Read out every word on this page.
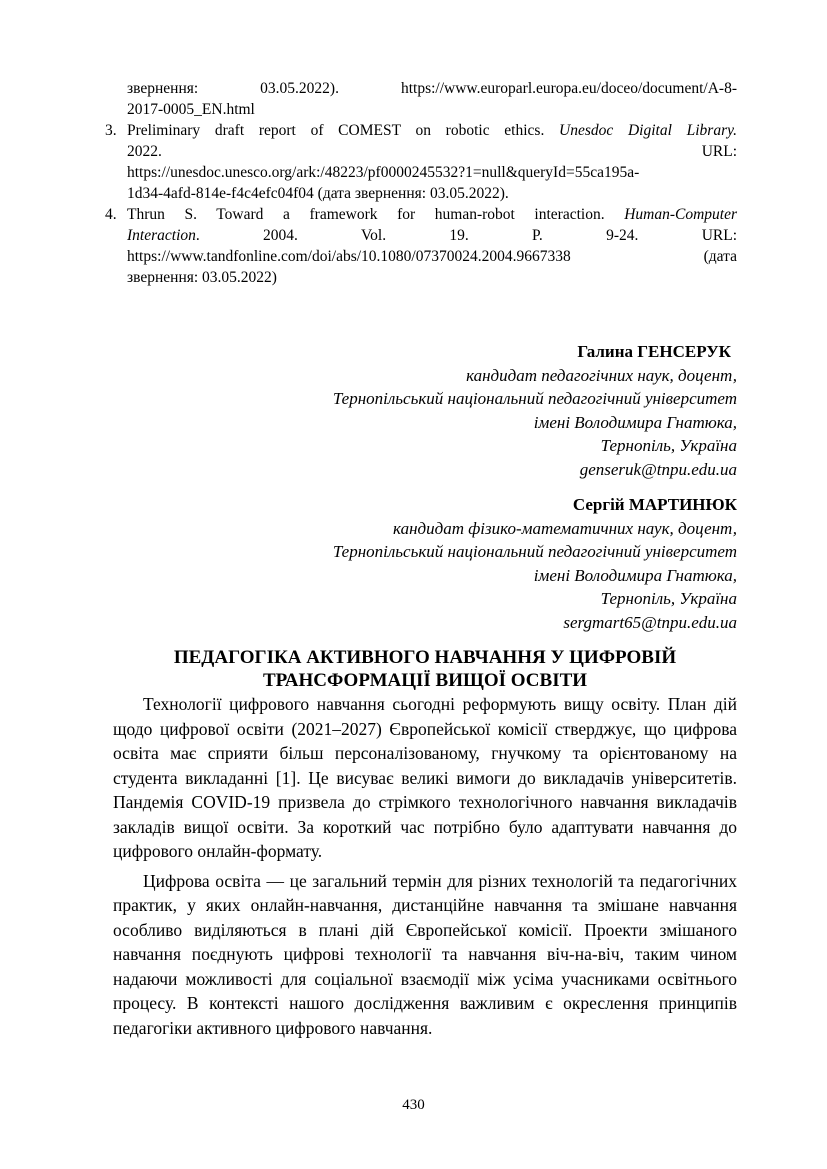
звернення: 03.05.2022). https://www.europarl.europa.eu/doceo/document/A-8-

2017-0005_EN.html

3. Preliminary draft report of COMEST on robotic ethics. Unesdoc Digital Library.

2022. URL:

https://unesdoc.unesco.org/ark:/48223/pf0000245532?1=null&queryId=55ca195a-

1d34-4afd-814e-f4c4efc04f04 (дата звернення: 03.05.2022).

4. Thrun S. Toward a framework for human-robot interaction. Human-Computer

Interaction. 2004. Vol. 19. P. 9-24. URL:

https://www.tandfonline.com/doi/abs/10.1080/07370024.2004.9667338 (дата

звернення: 03.05.2022)

Галина ГЕНСЕРУК
кандидат педагогічних наук, доцент,
Тернопільський національний педагогічний університет
імені Володимира Гнатюка,
Тернопіль, Україна
genseruk@tnpu.edu.ua
Сергій МАРТИНЮК
кандидат фізико-математичних наук, доцент,
Тернопільський національний педагогічний університет
імені Володимира Гнатюка,
Тернопіль, Україна
sergmart65@tnpu.edu.ua

ПЕДАГОГІКА АКТИВНОГО НАВЧАННЯ У ЦИФРОВІЙ

ТРАНСФОРМАЦІЇ ВИЩОЇ ОСВІТИ

Технології цифрового навчання сьогодні реформують вищу освіту. План дій щодо цифрової освіти (2021–2027) Європейської комісії стверджує, що цифрова освіта має сприяти більш персоналізованому, гнучкому та орієнтованому на студента викладанні [1]. Це висуває великі вимоги до викладачів університетів. Пандемія COVID-19 призвела до стрімкого технологічного навчання викладачів закладів вищої освіти. За короткий час потрібно було адаптувати навчання до цифрового онлайн-формату.

Цифрова освіта — це загальний термін для різних технологій та педагогічних практик, у яких онлайн-навчання, дистанційне навчання та змішане навчання особливо виділяються в плані дій Європейської комісії. Проекти змішаного навчання поєднують цифрові технології та навчання віч-на-віч, таким чином надаючи можливості для соціальної взаємодії між усіма учасниками освітнього процесу. В контексті нашого дослідження важливим є окреслення принципів педагогіки активного цифрового навчання.

430
